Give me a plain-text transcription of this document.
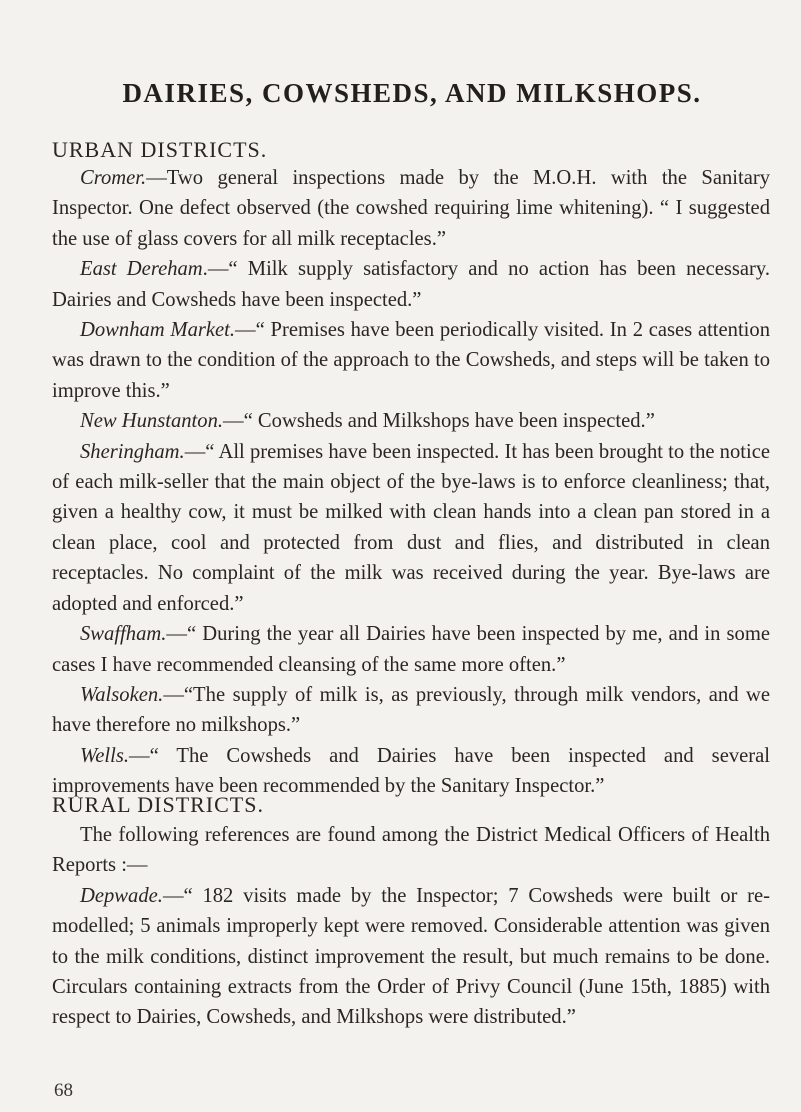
DAIRIES, COWSHEDS, AND MILKSHOPS.
URBAN DISTRICTS.

Cromer.—Two general inspections made by the M.O.H. with the Sanitary Inspector. One defect observed (the cowshed requiring lime whitening). “ I suggested the use of glass covers for all milk receptacles.”

East Dereham.—“ Milk supply satisfactory and no action has been necessary. Dairies and Cowsheds have been inspected.”

Downham Market.—“ Premises have been periodically visited. In 2 cases attention was drawn to the condition of the approach to the Cowsheds, and steps will be taken to improve this.”

New Hunstanton.—“ Cowsheds and Milkshops have been inspected.”

Sheringham.—“ All premises have been inspected. It has been brought to the notice of each milk-seller that the main object of the bye-laws is to enforce cleanliness; that, given a healthy cow, it must be milked with clean hands into a clean pan stored in a clean place, cool and protected from dust and flies, and distributed in clean receptacles. No complaint of the milk was received during the year. Bye-laws are adopted and enforced.”

Swaffham.—“ During the year all Dairies have been inspected by me, and in some cases I have recommended cleansing of the same more often.”

Walsoken.—“The supply of milk is, as previously, through milk vendors, and we have therefore no milkshops.”

Wells.—“ The Cowsheds and Dairies have been inspected and several improvements have been recommended by the Sanitary Inspector.”

RURAL DISTRICTS.

The following references are found among the District Medical Officers of Health Reports :—

Depwade.—“ 182 visits made by the Inspector; 7 Cowsheds were built or re-modelled; 5 animals improperly kept were removed. Considerable attention was given to the milk conditions, distinct improvement the result, but much remains to be done. Circulars containing extracts from the Order of Privy Council (June 15th, 1885) with respect to Dairies, Cowsheds, and Milkshops were distributed.”

68
